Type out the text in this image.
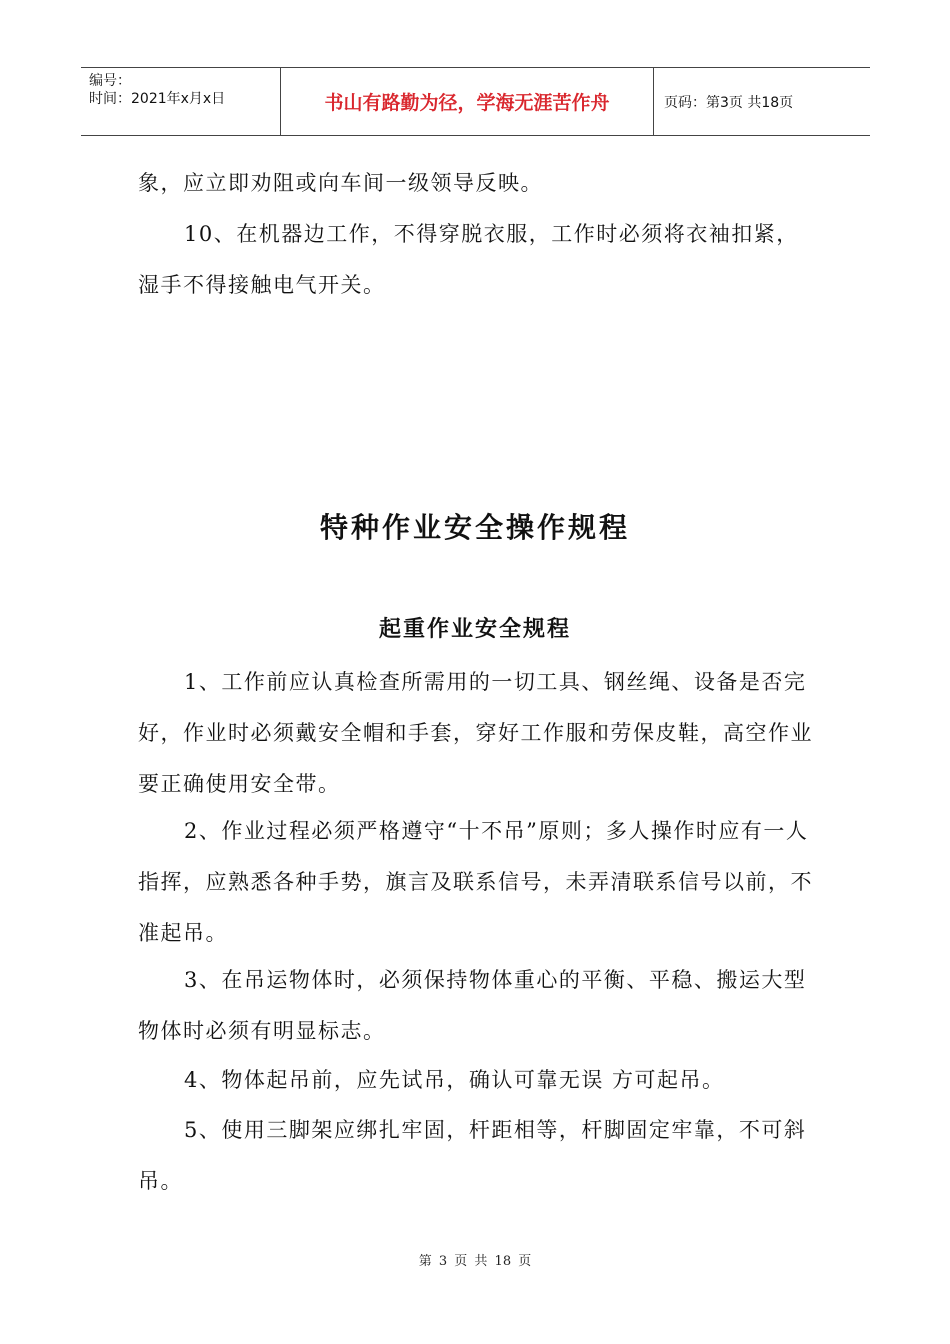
编号：
时间：2021年x月x日	书山有路勤为径，学海无涯苦作舟	页码：第3页 共18页

象，应立即劝阻或向车间一级领导反映。

10、在机器边工作，不得穿脱衣服，工作时必须将衣袖扣紧，湿手不得接触电气开关。

特种作业安全操作规程
起重作业安全规程

1、工作前应认真检查所需用的一切工具、钢丝绳、设备是否完好，作业时必须戴安全帽和手套，穿好工作服和劳保皮鞋，高空作业要正确使用安全带。

2、作业过程必须严格遵守“十不吊”原则；多人操作时应有一人指挥，应熟悉各种手势，旗言及联系信号，未弄清联系信号以前，不准起吊。

3、在吊运物体时，必须保持物体重心的平衡、平稳、搬运大型物体时必须有明显标志。

4、物体起吊前，应先试吊，确认可靠无误 方可起吊。

5、使用三脚架应绑扎牢固，杆距相等，杆脚固定牢靠，不可斜吊。

第 3 页 共 18 页
